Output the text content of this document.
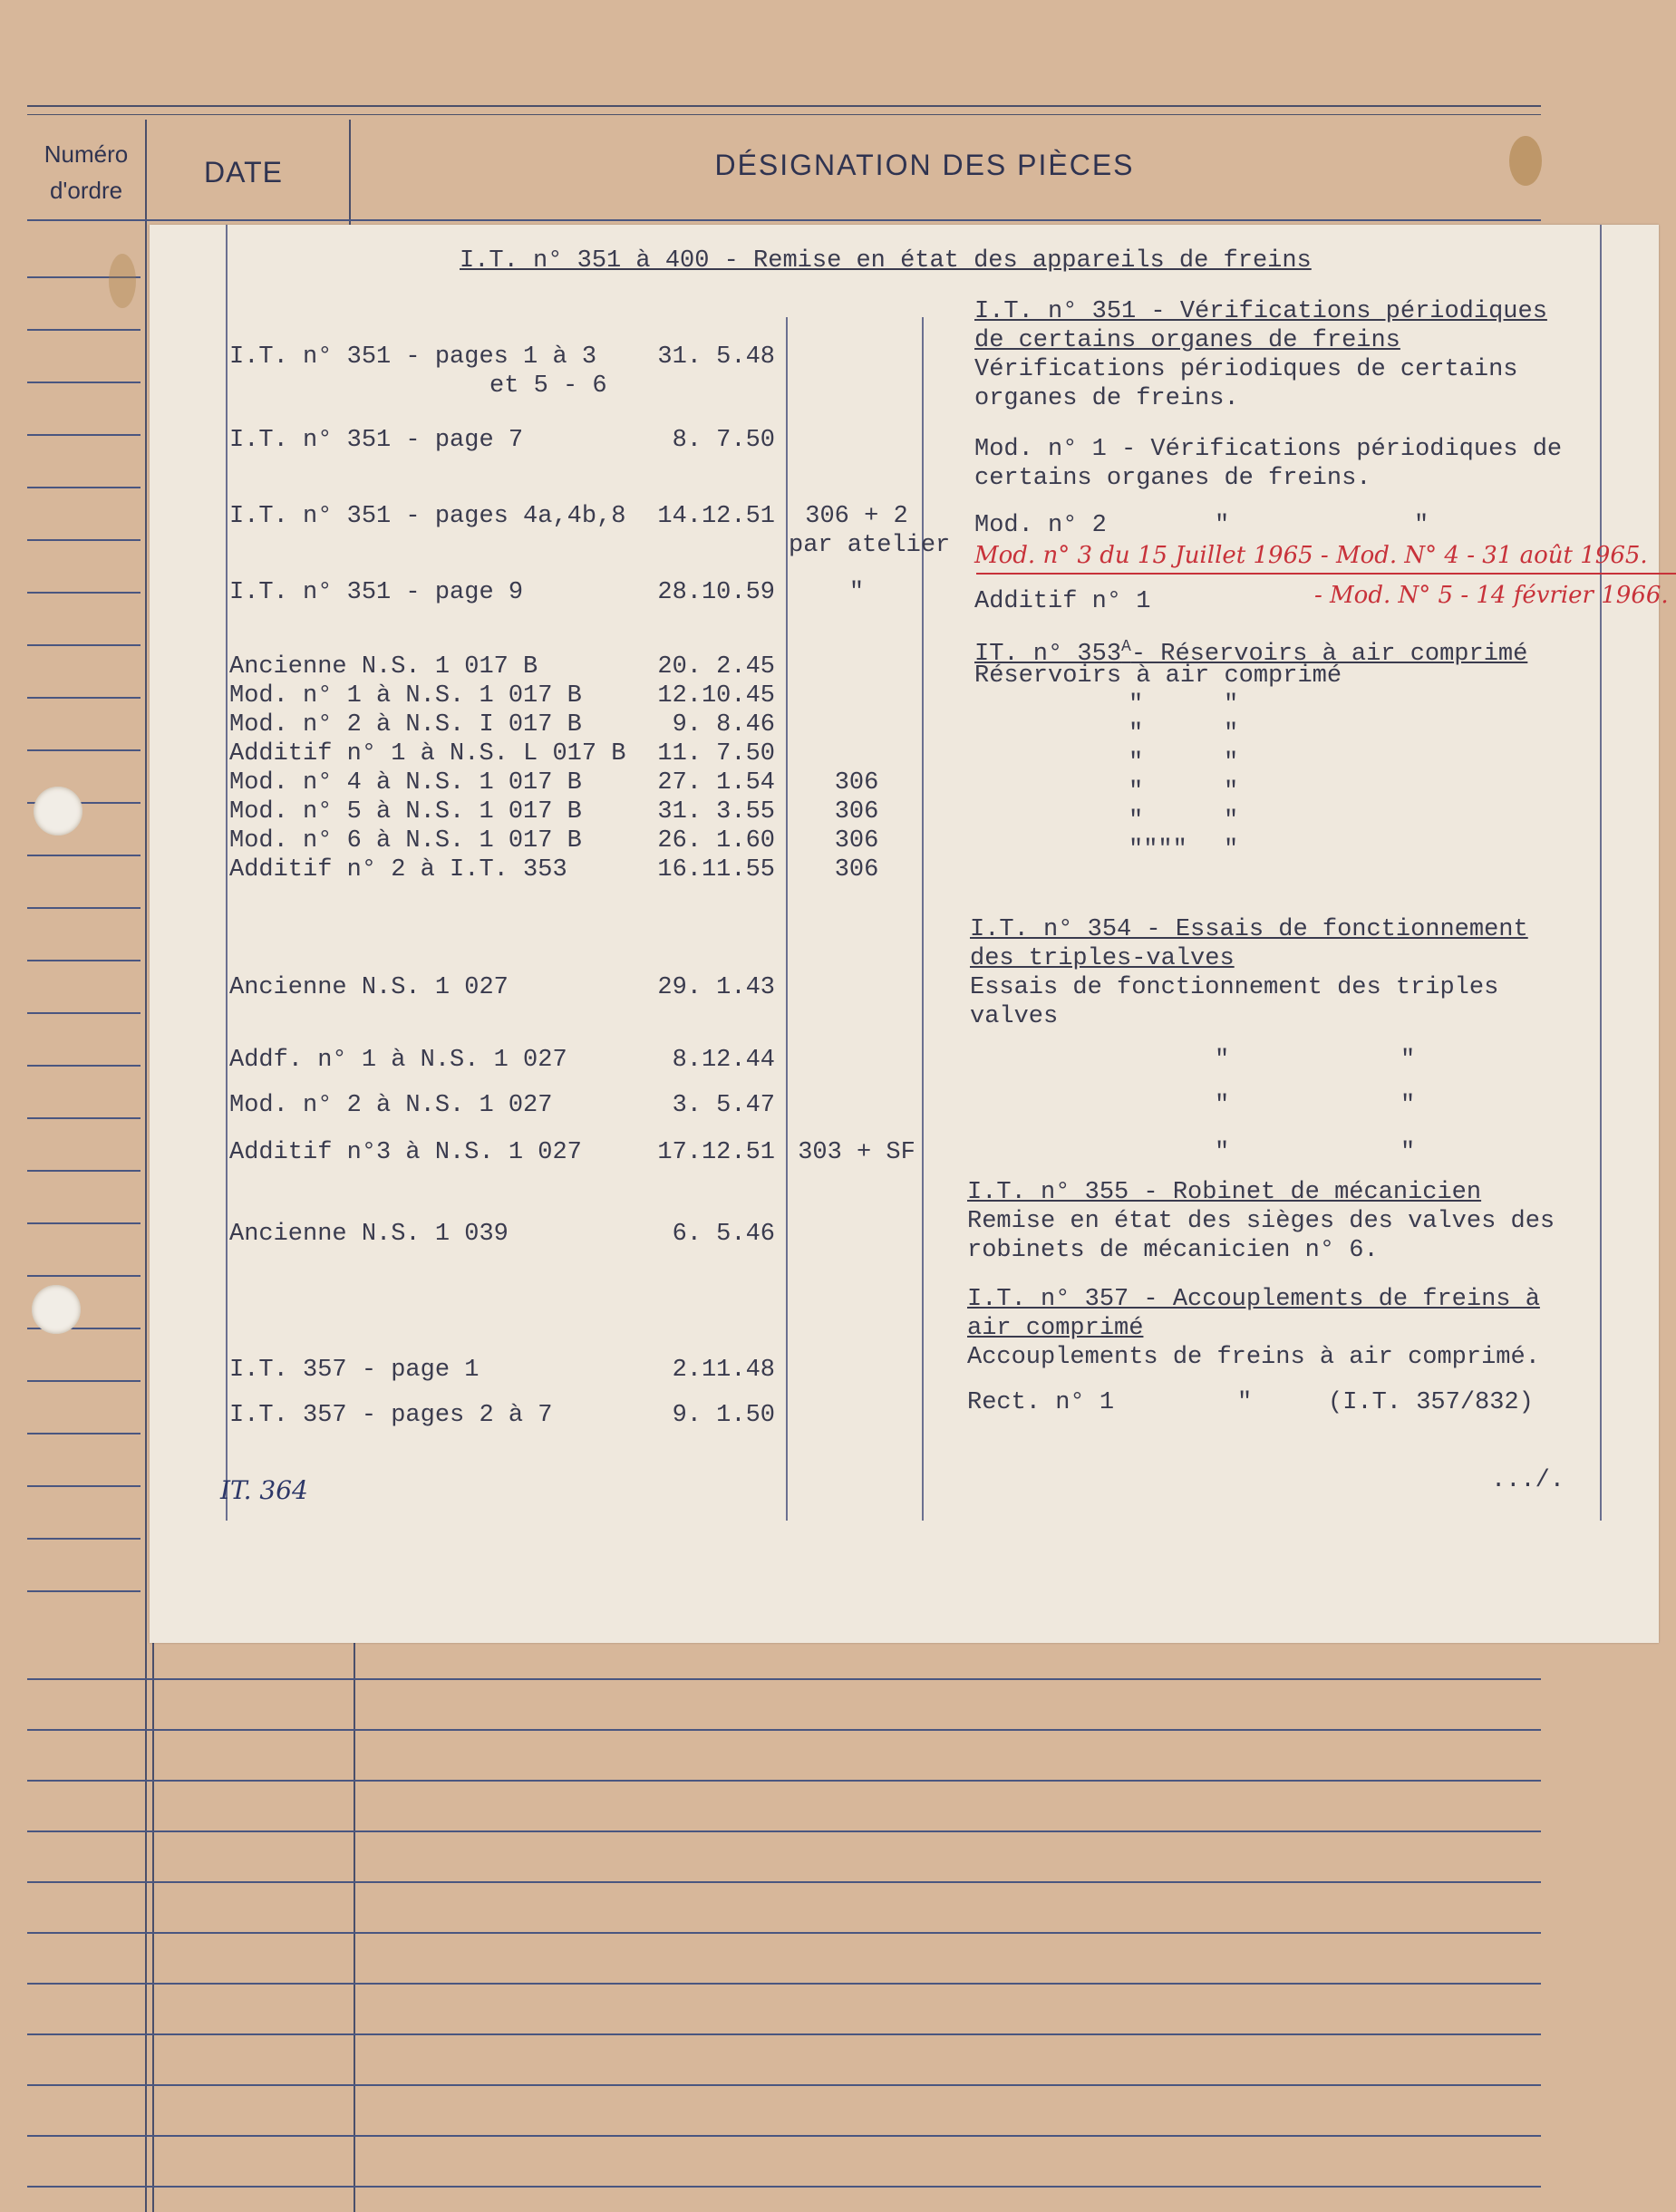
Numéro
d'ordre
DATE	DÉSIGNATION DES PIÈCES
I.T. n° 351 à 400 - Remise en état des appareils de freins
I.T. n° 351 - pages 1 à 3	31. 5.48
et 5 - 6
I.T. n° 351 - page 7	8. 7.50
I.T. n° 351 - pages 4a,4b,8	14.12.51	306 + 2
par atelier
I.T. n° 351 - page 9	28.10.59	"
Ancienne N.S. 1 017 B	20. 2.45
Mod. n° 1 à N.S. 1 017 B	12.10.45
Mod. n° 2 à N.S. I 017 B	9. 8.46
Additif n° 1 à N.S. L 017 B	11. 7.50
Mod. n° 4 à N.S. 1 017 B	27. 1.54	306
Mod. n° 5 à N.S. 1 017 B	31. 3.55	306
Mod. n° 6 à N.S. 1 017 B	26. 1.60	306
Additif n° 2 à I.T. 353	16.11.55	306
Ancienne N.S. 1 027	29. 1.43
Addf. n° 1 à N.S. 1 027	8.12.44
Mod. n° 2 à N.S. 1 027	3. 5.47
Additif n°3 à N.S. 1 027	17.12.51 303 + SF
Ancienne N.S. 1 039	6. 5.46
I.T. 357 - page 1	2.11.48
I.T. 357 - pages 2 à 7	9. 1.50
I.T. n° 351 - Vérifications périodiques
de certains organes de freins
Vérifications périodiques de certains
organes de freins.
Mod. n° 1 - Vérifications périodiques de
certains organes de freins.
Mod. n° 2	"	"
Mod. n° 3 du 15 Juillet 1965 - Mod. N° 4 - 31 août 1965.
Additif n° 1	- Mod. N° 5 - 14 février 1966.
IT. n° $353^A-$ Réservoirs à air comprimé
Réservoirs à air comprimé
"	"
"	"
"	"
"	"
"	"
"""" "
I.T. n° 354 - Essais de fonctionnement
des triples-valves
Essais de fonctionnement des triples
valves
"	"
"	"
"	"
I.T. n° 355 - Robinet de mécanicien
Remise en état des sièges des valves des
robinets de mécanicien n° 6.
I.T. n° 357 - Accouplements de freins à
air comprimé
Accouplements de freins à air comprimé.
Rect. n° 1	"	(I.T. 357/832)
.../.
IT. 364
